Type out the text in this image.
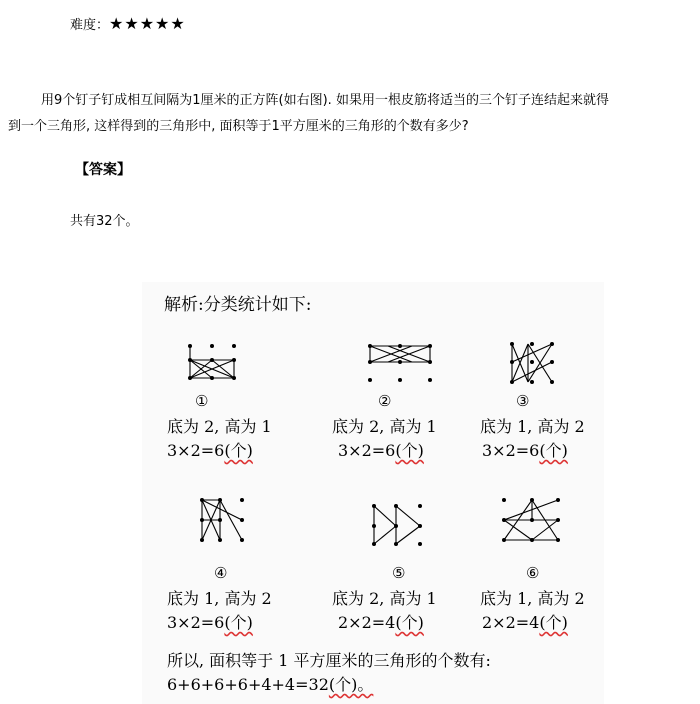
难度：★★★★★
用9个钉子钉成相互间隔为1厘米的正方阵(如右图). 如果用一根皮筋将适当的三个钉子连结起来就得
到一个三角形, 这样得到的三角形中, 面积等于1平方厘米的三角形的个数有多少?
【答案】
共有32个。
解析:分类统计如下:
①	②	③
底为 2, 高为 1	底为 2, 高为 1	底为 1, 高为 2
3×2=6(个)	3×2=6(个)	3×2=6(个)
④	⑤	⑥
底为 1, 高为 2	底为 2, 高为 1	底为 1, 高为 2
3×2=6(个)	2×2=4(个)	2×2=4(个)
所以, 面积等于 1 平方厘米的三角形的个数有:
6+6+6+6+4+4=32(个)。
